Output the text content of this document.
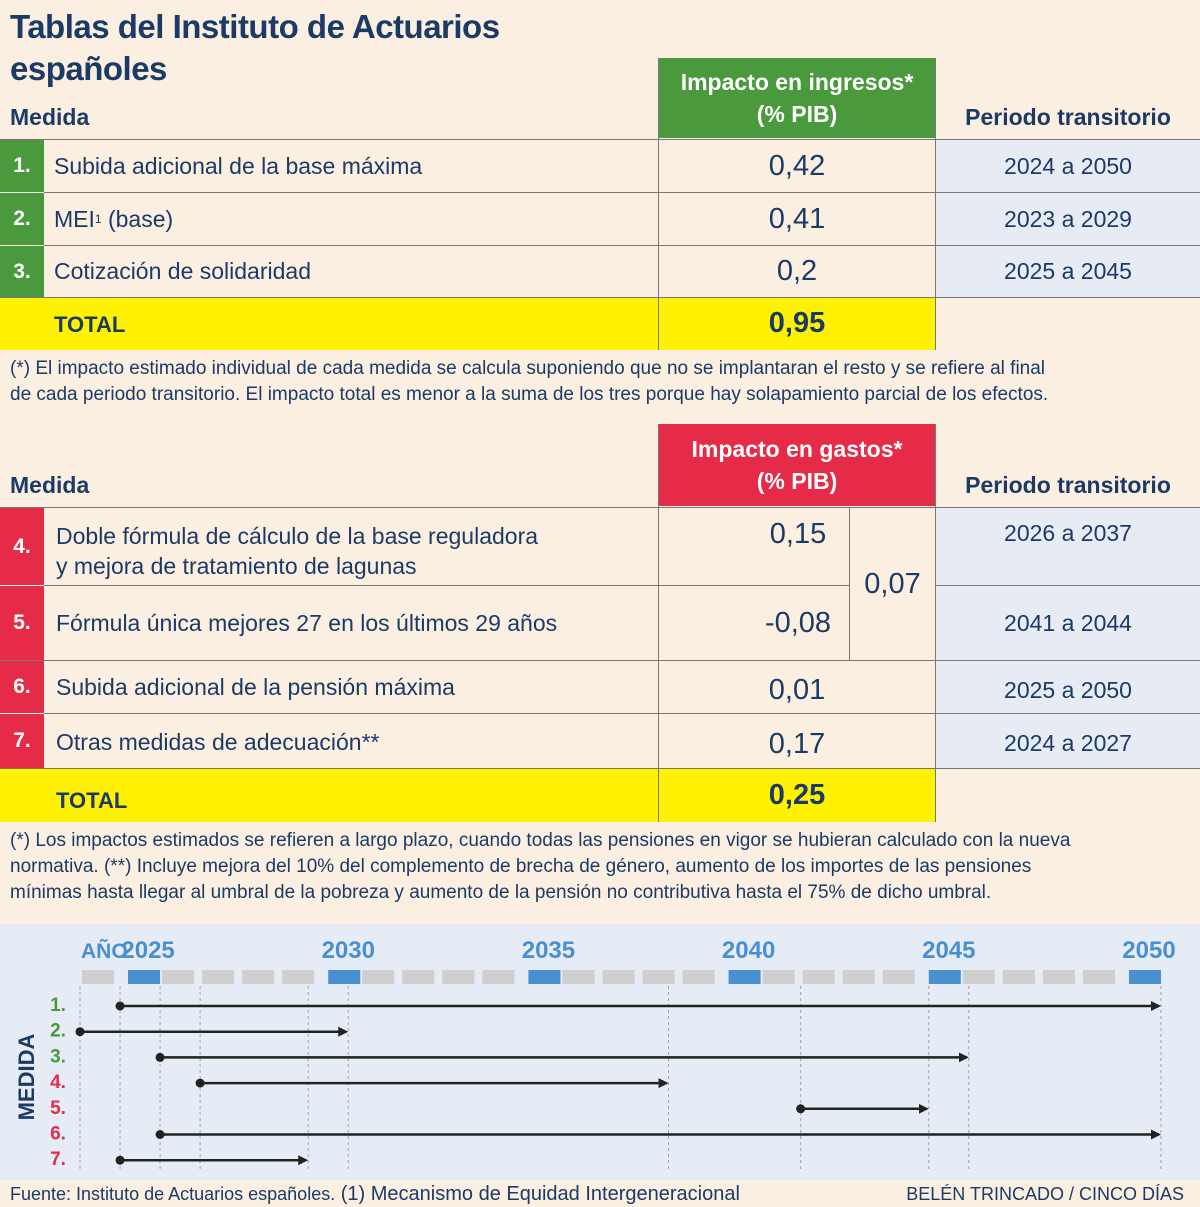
Tablas del Instituto de Actuarios españoles
Medida
Impacto en ingresos*
(% PIB)	Periodo transitorio
1.	Subida adicional de la base máxima	0,42	2024 a 2050
2.	MEI 1 (base)	0,41	2023 a 2029
3.	Cotización de solidaridad	0,2	2025 a 2045
TOTAL	0,95
(*) El impacto estimado individual de cada medida se calcula suponiendo que no se implantaran el resto y se refiere al final
de cada periodo transitorio. El impacto total es menor a la suma de los tres porque hay solapamiento parcial de los efectos.
Medida
Impacto en gastos*
(% PIB)	Periodo transitorio
4.	Doble fórmula de cálculo de la base reguladora
y mejora de tratamiento de lagunas
0,15	2026 a 2037
5.	Fórmula única mejores 27 en los últimos 29 años	-0,08	2041 a 2044
0,07
6.	Subida adicional de la pensión máxima	0,01	2025 a 2050
7.	Otras medidas de adecuación**	0,17	2024 a 2027
TOTAL	0,25
(*) Los impactos estimados se refieren a largo plazo, cuando todas las pensiones en vigor se hubieran calculado con la nueva
normativa. (**) Incluye mejora del 10% del complemento de brecha de género, aumento de los importes de las pensiones
mínimas hasta llegar al umbral de la pobreza y aumento de la pensión no contributiva hasta el 75% de dicho umbral.
AÑO
2025	2030	2035	2040	2045	2050
1.
2.
3.
4.
5.
6.
7.
MEDIDA
Fuente: Instituto de Actuarios españoles. (1) Mecanismo de Equidad Intergeneracional	BELÉN TRINCADO / CINCO DÍAS
